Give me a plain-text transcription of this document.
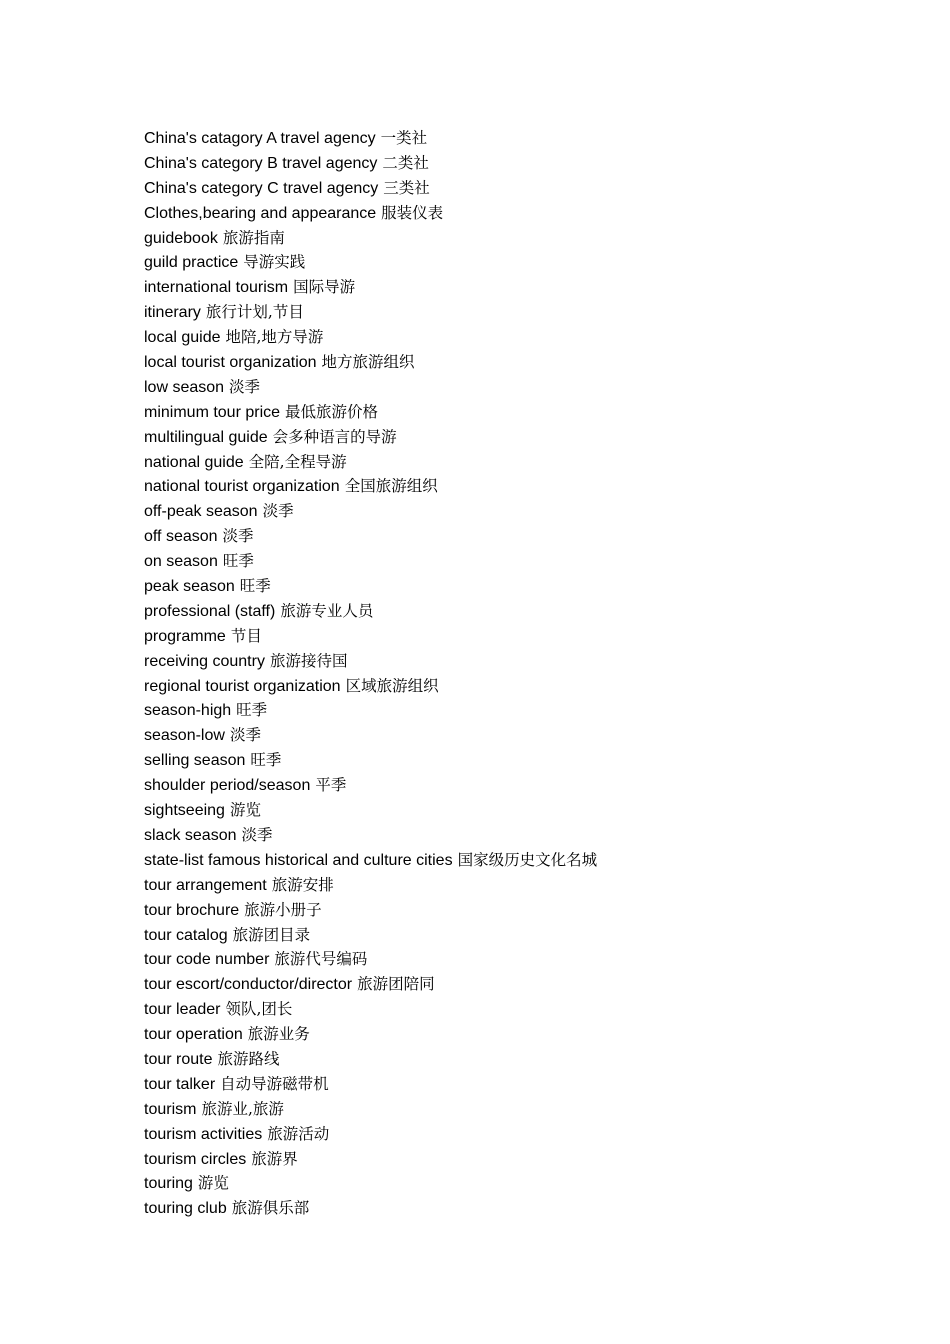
China's catagory A travel agency 一类社
China's category B travel agency 二类社
China's category C travel agency 三类社
Clothes,bearing and appearance 服装仪表
guidebook 旅游指南
guild practice 导游实践
international tourism 国际导游
itinerary 旅行计划,节目
local guide 地陪,地方导游
local tourist organization 地方旅游组织
low season 淡季
minimum tour price 最低旅游价格
multilingual guide 会多种语言的导游
national guide 全陪,全程导游
national tourist organization 全国旅游组织
off-peak season 淡季
off season 淡季
on season 旺季
peak season 旺季
professional (staff) 旅游专业人员
programme 节目
receiving country 旅游接待国
regional tourist organization 区域旅游组织
season-high 旺季
season-low 淡季
selling season 旺季
shoulder period/season 平季
sightseeing 游览
slack season 淡季
state-list famous historical and culture cities 国家级历史文化名城
tour arrangement 旅游安排
tour brochure 旅游小册子
tour catalog 旅游团目录
tour code number 旅游代号编码
tour escort/conductor/director 旅游团陪同
tour leader 领队,团长
tour operation 旅游业务
tour route 旅游路线
tour talker 自动导游磁带机
tourism 旅游业,旅游
tourism activities 旅游活动
tourism circles 旅游界
touring 游览
touring club 旅游俱乐部
